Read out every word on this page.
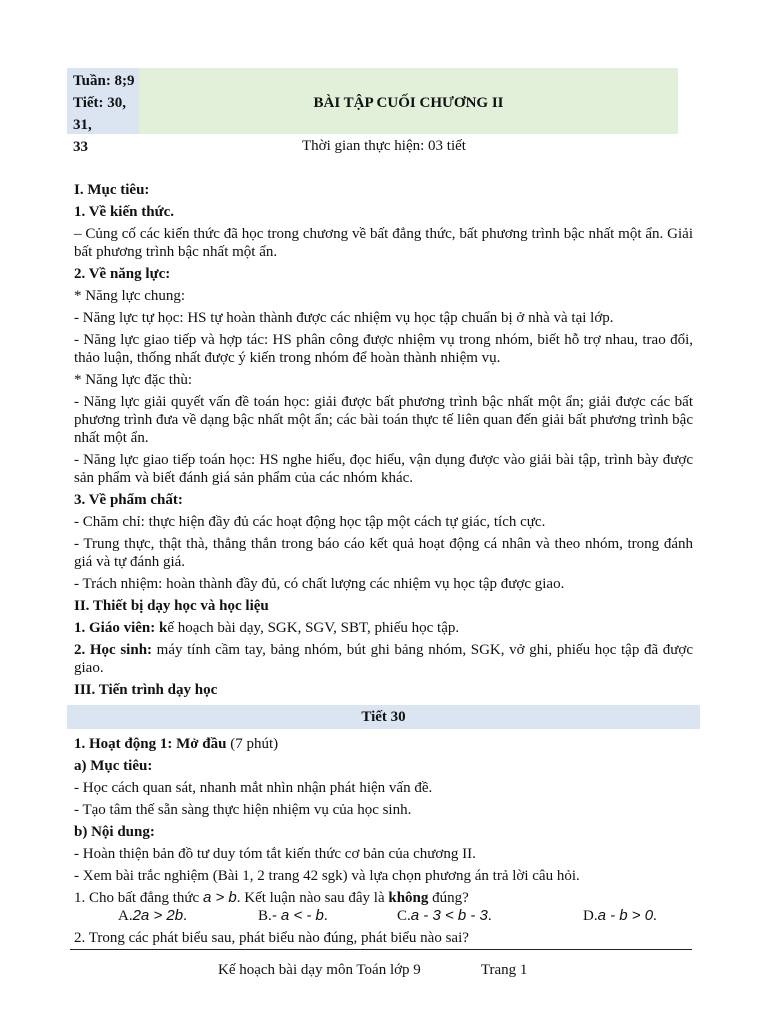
Tuần: 8;9
Tiết: 30, 31,
33
BÀI TẬP CUỐI CHƯƠNG II
Thời gian thực hiện: 03 tiết

I. Mục tiêu:

1. Về kiến thức.

– Củng cố các kiến thức đã học trong chương về bất đẳng thức, bất phương trình bậc nhất một ẩn. Giải bất phương trình bậc nhất một ẩn.

2. Về năng lực:

* Năng lực chung:

- Năng lực tự học: HS tự hoàn thành được các nhiệm vụ học tập chuẩn bị ở nhà và tại lớp.

- Năng lực giao tiếp và hợp tác: HS phân công được nhiệm vụ trong nhóm, biết hỗ trợ nhau, trao đổi, thảo luận, thống nhất được ý kiến trong nhóm để hoàn thành nhiệm vụ.

* Năng lực đặc thù:

- Năng lực giải quyết vấn đề toán học: giải được bất phương trình bậc nhất một ẩn; giải được các bất phương trình đưa về dạng bậc nhất một ẩn; các bài toán thực tế liên quan đến giải bất phương trình bậc nhất một ẩn.

- Năng lực giao tiếp toán học: HS nghe hiểu, đọc hiểu, vận dụng được vào giải bài tập, trình bày được sản phẩm và biết đánh giá sản phẩm của các nhóm khác.

3. Về phẩm chất:

- Chăm chỉ: thực hiện đầy đủ các hoạt động học tập một cách tự giác, tích cực.

- Trung thực, thật thà, thẳng thắn trong báo cáo kết quả hoạt động cá nhân và theo nhóm, trong đánh giá và tự đánh giá.

- Trách nhiệm: hoàn thành đầy đủ, có chất lượng các nhiệm vụ học tập được giao.

II. Thiết bị dạy học và học liệu

1. Giáo viên: kế hoạch bài dạy, SGK, SGV, SBT, phiếu học tập.

2. Học sinh: máy tính cầm tay, bảng nhóm, bút ghi bảng nhóm, SGK, vở ghi, phiếu học tập đã được giao.

III. Tiến trình dạy học

Tiết 30

1. Hoạt động 1: Mở đầu (7 phút)

a) Mục tiêu:

- Học cách quan sát, nhanh mắt nhìn nhận phát hiện vấn đề.

- Tạo tâm thế sẵn sàng thực hiện nhiệm vụ của học sinh.

b) Nội dung:

- Hoàn thiện bản đồ tư duy tóm tắt kiến thức cơ bản của chương II.

- Xem bài trắc nghiệm (Bài 1, 2 trang 42 sgk) và lựa chọn phương án trả lời câu hỏi.

1. Cho bất đẳng thức a > b. Kết luận nào sau đây là không đúng?

A.2a > 2b.	B.- a < - b.	C.a - 3 < b - 3.	D.a - b > 0.

2. Trong các phát biểu sau, phát biểu nào đúng, phát biểu nào sai?

Kế hoạch bài dạy môn Toán lớp 9	Trang 1
